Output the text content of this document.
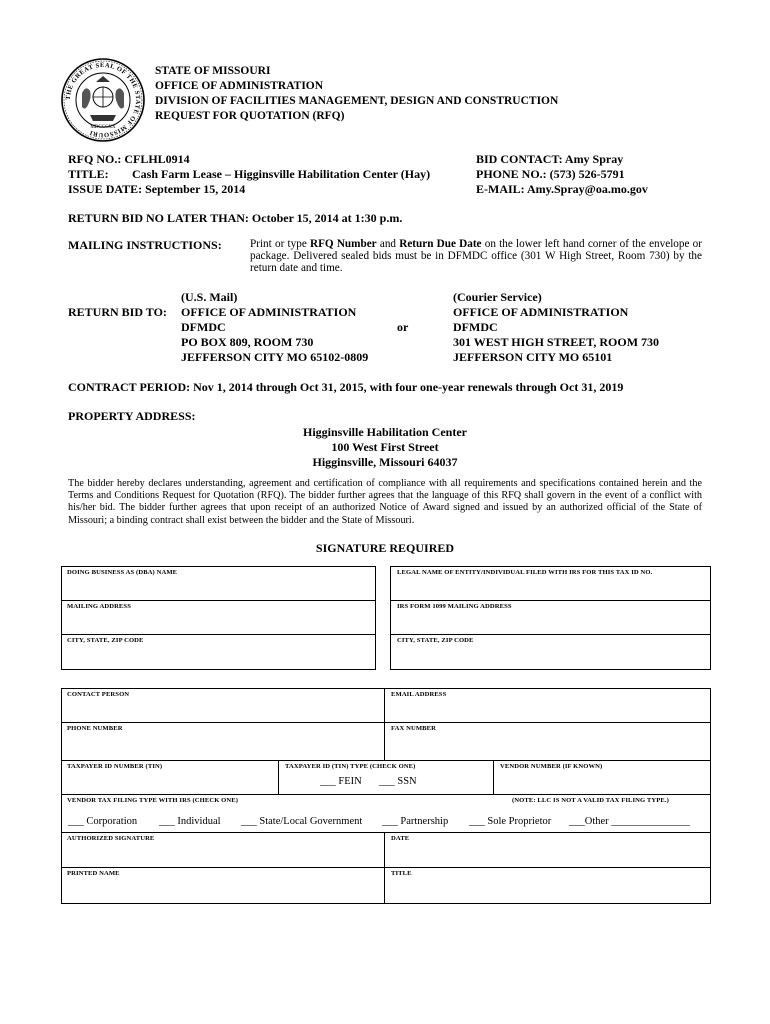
THE GREAT SEAL OF THE STATE OF MISSOURI
MDCCCXX
STATE OF MISSOURI
OFFICE OF ADMINISTRATION
DIVISION OF FACILITIES MANAGEMENT, DESIGN AND CONSTRUCTION
REQUEST FOR QUOTATION (RFQ)
RFQ NO.: CFLHL0914
TITLE: Cash Farm Lease – Higginsville Habilitation Center (Hay)
ISSUE DATE: September 15, 2014
BID CONTACT: Amy Spray
PHONE NO.: (573) 526-5791
E-MAIL: Amy.Spray@oa.mo.gov
RETURN BID NO LATER THAN: October 15, 2014 at 1:30 p.m.
MAILING INSTRUCTIONS:	Print or type RFQ Number and Return Due Date on the lower left hand corner of the envelope or package. Delivered sealed bids must be in DFMDC office (301 W High Street, Room 730) by the return date and time.
RETURN BID TO:
(U.S. Mail)
OFFICE OF ADMINISTRATION
DFMDC
PO BOX 809, ROOM 730
JEFFERSON CITY MO 65102-0809
or
(Courier Service)
OFFICE OF ADMINISTRATION
DFMDC
301 WEST HIGH STREET, ROOM 730
JEFFERSON CITY MO 65101
CONTRACT PERIOD: Nov 1, 2014 through Oct 31, 2015, with four one-year renewals through Oct 31, 2019
PROPERTY ADDRESS:
Higginsville Habilitation Center
100 West First Street
Higginsville, Missouri 64037
The bidder hereby declares understanding, agreement and certification of compliance with all requirements and specifications contained herein and the Terms and Conditions Request for Quotation (RFQ). The bidder further agrees that the language of this RFQ shall govern in the event of a conflict with his/her bid. The bidder further agrees that upon receipt of an authorized Notice of Award signed and issued by an authorized official of the State of Missouri; a binding contract shall exist between the bidder and the State of Missouri.
SIGNATURE REQUIRED
DOING BUSINESS AS (DBA) NAME
MAILING ADDRESS
CITY, STATE, ZIP CODE
LEGAL NAME OF ENTITY/INDIVIDUAL FILED WITH IRS FOR THIS TAX ID NO.
IRS FORM 1099 MAILING ADDRESS
CITY, STATE, ZIP CODE
CONTACT PERSON	EMAIL ADDRESS
PHONE NUMBER	FAX NUMBER
TAXPAYER ID NUMBER (TIN)	TAXPAYER ID (TIN) TYPE (CHECK ONE)	VENDOR NUMBER (IF KNOWN)
___ FEIN ___ SSN
VENDOR TAX FILING TYPE WITH IRS (CHECK ONE)	(NOTE: LLC IS NOT A VALID TAX FILING TYPE.)
___ Corporation ___ Individual ___ State/Local Government ___ Partnership ___ Sole Proprietor ___Other _______________
AUTHORIZED SIGNATURE	DATE
PRINTED NAME	TITLE
